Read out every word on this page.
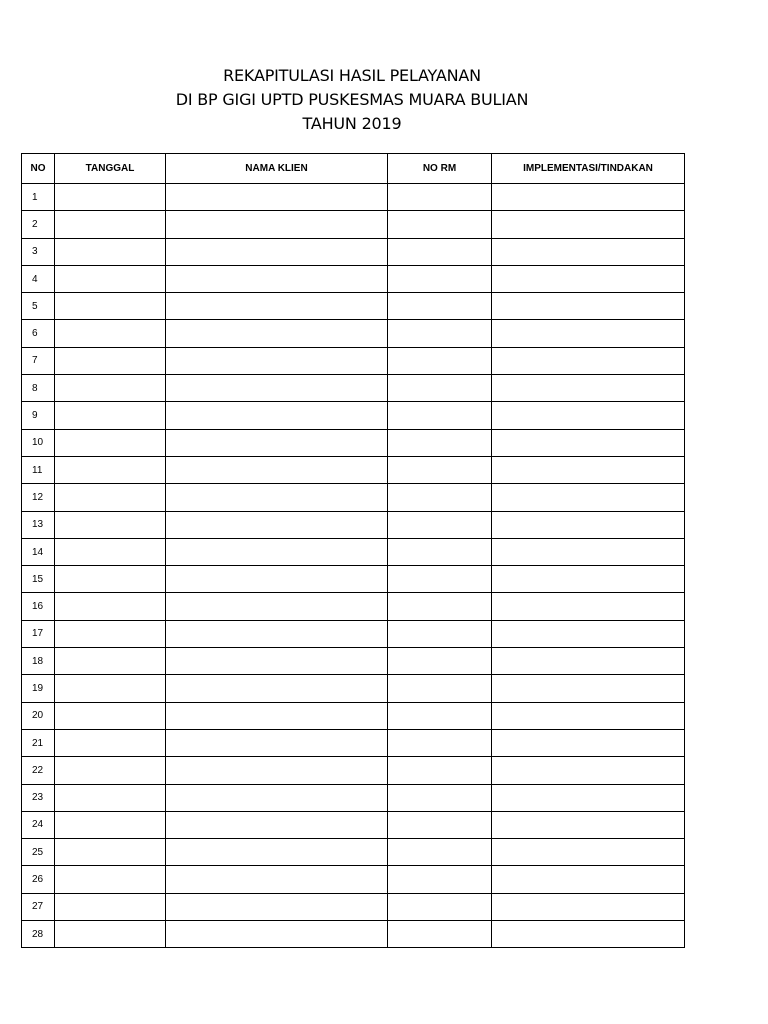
REKAPITULASI HASIL PELAYANAN
DI BP GIGI UPTD PUSKESMAS MUARA BULIAN
TAHUN 2019
NO	TANGGAL	NAMA KLIEN	NO RM	IMPLEMENTASI/TINDAKAN
1				
2				
3				
4				
5				
6				
7				
8				
9				
10				
11				
12				
13				
14				
15				
16				
17				
18				
19				
20				
21				
22				
23				
24				
25				
26				
27				
28				
